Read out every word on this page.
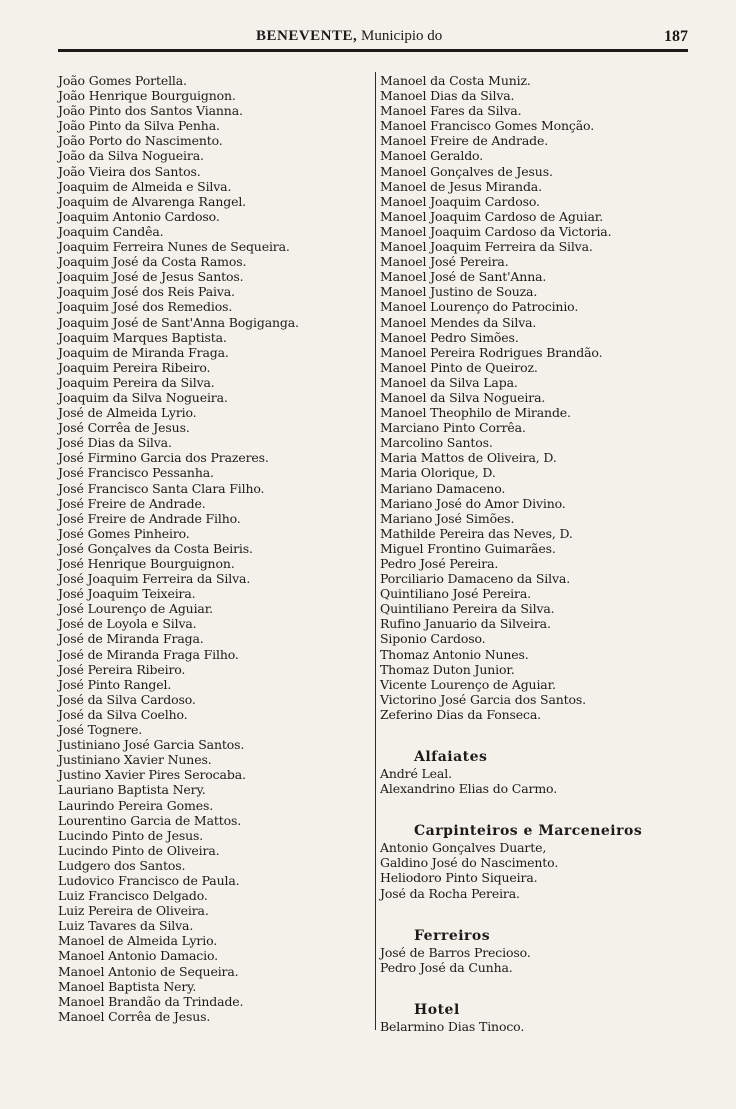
BENEVENTE, Municipio do	187
João Gomes Portella.
João Henrique Bourguignon.
João Pinto dos Santos Vianna.
João Pinto da Silva Penha.
João Porto do Nascimento.
João da Silva Nogueira.
João Vieira dos Santos.
Joaquim de Almeida e Silva.
Joaquim de Alvarenga Rangel.
Joaquim Antonio Cardoso.
Joaquim Candêa.
Joaquim Ferreira Nunes de Sequeira.
Joaquim José da Costa Ramos.
Joaquim José de Jesus Santos.
Joaquim José dos Reis Paiva.
Joaquim José dos Remedios.
Joaquim José de Sant'Anna Bogiganga.
Joaquim Marques Baptista.
Joaquim de Miranda Fraga.
Joaquim Pereira Ribeiro.
Joaquim Pereira da Silva.
Joaquim da Silva Nogueira.
José de Almeida Lyrio.
José Corrêa de Jesus.
José Dias da Silva.
José Firmino Garcia dos Prazeres.
José Francisco Pessanha.
José Francisco Santa Clara Filho.
José Freire de Andrade.
José Freire de Andrade Filho.
José Gomes Pinheiro.
José Gonçalves da Costa Beiris.
José Henrique Bourguignon.
José Joaquim Ferreira da Silva.
José Joaquim Teixeira.
José Lourenço de Aguiar.
José de Loyola e Silva.
José de Miranda Fraga.
José de Miranda Fraga Filho.
José Pereira Ribeiro.
José Pinto Rangel.
José da Silva Cardoso.
José da Silva Coelho.
José Tognere.
Justiniano José Garcia Santos.
Justiniano Xavier Nunes.
Justino Xavier Pires Serocaba.
Lauriano Baptista Nery.
Laurindo Pereira Gomes.
Lourentino Garcia de Mattos.
Lucindo Pinto de Jesus.
Lucindo Pinto de Oliveira.
Ludgero dos Santos.
Ludovico Francisco de Paula.
Luiz Francisco Delgado.
Luiz Pereira de Oliveira.
Luiz Tavares da Silva.
Manoel de Almeida Lyrio.
Manoel Antonio Damacio.
Manoel Antonio de Sequeira.
Manoel Baptista Nery.
Manoel Brandão da Trindade.
Manoel Corrêa de Jesus.
Manoel da Costa Muniz.
Manoel Dias da Silva.
Manoel Fares da Silva.
Manoel Francisco Gomes Monção.
Manoel Freire de Andrade.
Manoel Geraldo.
Manoel Gonçalves de Jesus.
Manoel de Jesus Miranda.
Manoel Joaquim Cardoso.
Manoel Joaquim Cardoso de Aguiar.
Manoel Joaquim Cardoso da Victoria.
Manoel Joaquim Ferreira da Silva.
Manoel José Pereira.
Manoel José de Sant'Anna.
Manoel Justino de Souza.
Manoel Lourenço do Patrocinio.
Manoel Mendes da Silva.
Manoel Pedro Simões.
Manoel Pereira Rodrigues Brandão.
Manoel Pinto de Queiroz.
Manoel da Silva Lapa.
Manoel da Silva Nogueira.
Manoel Theophilo de Mirande.
Marciano Pinto Corrêa.
Marcolino Santos.
Maria Mattos de Oliveira, D.
Maria Olorique, D.
Mariano Damaceno.
Mariano José do Amor Divino.
Mariano José Simões.
Mathilde Pereira das Neves, D.
Miguel Frontino Guimarães.
Pedro José Pereira.
Porciliario Damaceno da Silva.
Quintiliano José Pereira.
Quintiliano Pereira da Silva.
Rufino Januario da Silveira.
Siponio Cardoso.
Thomaz Antonio Nunes.
Thomaz Duton Junior.
Vicente Lourenço de Aguiar.
Victorino José Garcia dos Santos.
Zeferino Dias da Fonseca.
Alfaiates
André Leal.
Alexandrino Elias do Carmo.
Carpinteiros e Marceneiros
Antonio Gonçalves Duarte,
Galdino José do Nascimento.
Heliodoro Pinto Siqueira.
José da Rocha Pereira.
Ferreiros
José de Barros Precioso.
Pedro José da Cunha.
Hotel
Belarmino Dias Tinoco.
